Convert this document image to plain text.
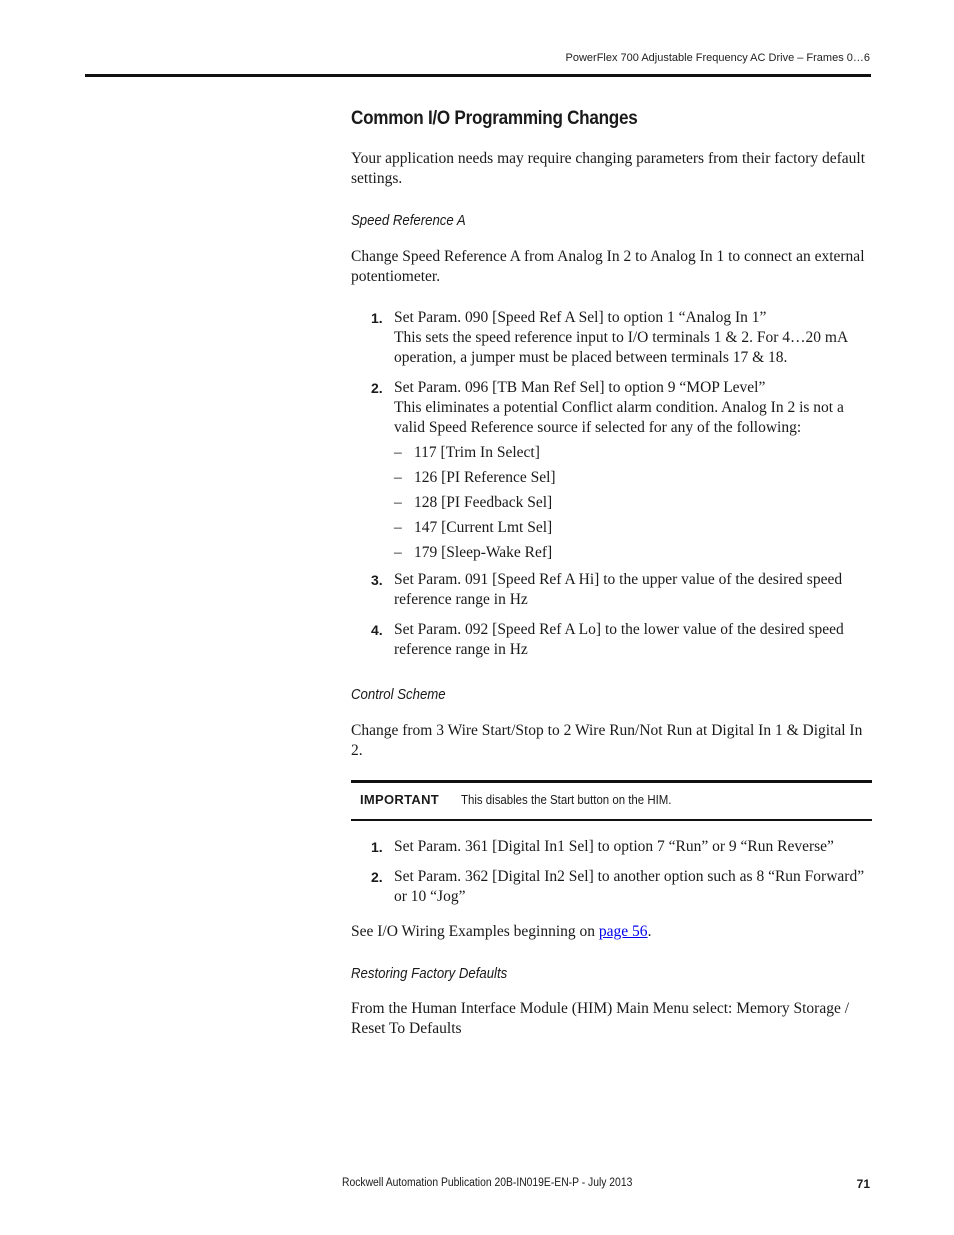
PowerFlex 700 Adjustable Frequency AC Drive – Frames 0…6
Common I/O Programming Changes

Your application needs may require changing parameters from their factory default settings.

Speed Reference A

Change Speed Reference A from Analog In 2 to Analog In 1 to connect an external potentiometer.

1. Set Param. 090 [Speed Ref A Sel] to option 1 “Analog In 1”
This sets the speed reference input to I/O terminals 1 & 2. For 4…20 mA operation, a jumper must be placed between terminals 17 & 18.
2. Set Param. 096 [TB Man Ref Sel] to option 9 “MOP Level”
This eliminates a potential Conflict alarm condition. Analog In 2 is not a valid Speed Reference source if selected for any of the following:
– 117 [Trim In Select]
– 126 [PI Reference Sel]
– 128 [PI Feedback Sel]
– 147 [Current Lmt Sel]
– 179 [Sleep-Wake Ref]
3. Set Param. 091 [Speed Ref A Hi] to the upper value of the desired speed reference range in Hz
4. Set Param. 092 [Speed Ref A Lo] to the lower value of the desired speed reference range in Hz
Control Scheme

Change from 3 Wire Start/Stop to 2 Wire Run/Not Run at Digital In 1 & Digital In 2.

IMPORTANT This disables the Start button on the HIM.
1. Set Param. 361 [Digital In1 Sel] to option 7 “Run” or 9 “Run Reverse”
2. Set Param. 362 [Digital In2 Sel] to another option such as 8 “Run Forward” or 10 “Jog”

See I/O Wiring Examples beginning on page 56.

Restoring Factory Defaults

From the Human Interface Module (HIM) Main Menu select: Memory Storage / Reset To Defaults

Rockwell Automation Publication 20B-IN019E-EN-P - July 2013	71
